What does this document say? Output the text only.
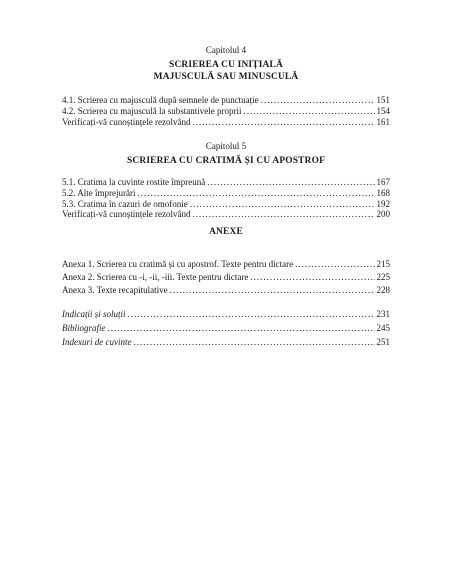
Capitolul 4
SCRIEREA CU INIȚIALĂ
MAJUSCULĂ SAU MINUSCULĂ
4.1. Scrierea cu majusculă după semnele de punctuație .....	151
4.2. Scrierea cu majusculă la substantivele proprii .....	154
Verificați-vă cunoștințele rezolvând .....	161
Capitolul 5
SCRIEREA CU CRATIMĂ ȘI CU APOSTROF
5.1. Cratima la cuvinte rostite împreună .....	167
5.2. Alte împrejurări .....	168
5.3. Cratima în cazuri de omofonie .....	192
Verificați-vă cunoștințele rezolvând .....	200
ANEXE
Anexa 1. Scrierea cu cratimă și cu apostrof. Texte pentru dictare .....	215
Anexa 2. Scrierea cu -i, -ii, -iii. Texte pentru dictare .....	225
Anexa 3. Texte recapitulative .....	228
Indicații și soluții .....	231
Bibliografie .....	245
Indexuri de cuvinte .....	251
